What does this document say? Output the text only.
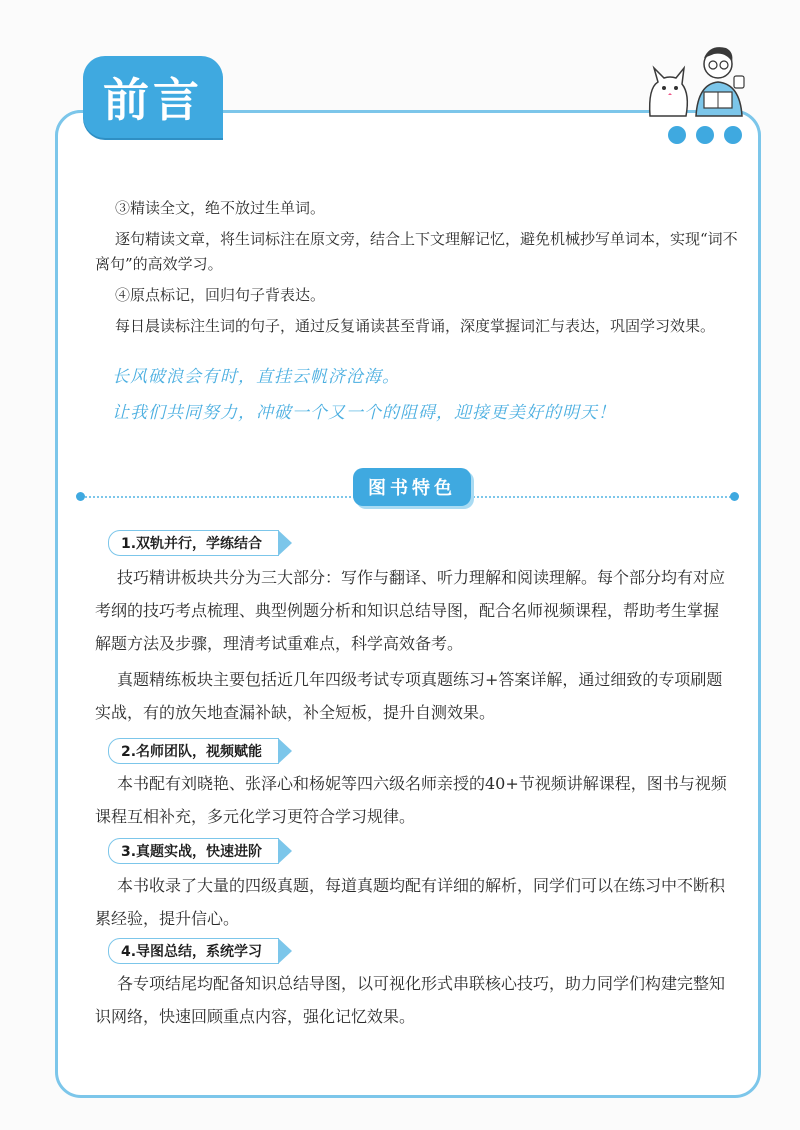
前言

③精读全文，绝不放过生单词。

逐句精读文章，将生词标注在原文旁，结合上下文理解记忆，避免机械抄写单词本，实现“词不离句”的高效学习。

④原点标记，回归句子背表达。

每日晨读标注生词的句子，通过反复诵读甚至背诵，深度掌握词汇与表达，巩固学习效果。

长风破浪会有时，直挂云帆济沧海。
让我们共同努力，冲破一个又一个的阻碍，迎接更美好的明天！
图书特色
1.双轨并行，学练结合

技巧精讲板块共分为三大部分：写作与翻译、听力理解和阅读理解。每个部分均有对应考纲的技巧考点梳理、典型例题分析和知识总结导图，配合名师视频课程，帮助考生掌握解题方法及步骤，理清考试重难点，科学高效备考。

真题精练板块主要包括近几年四级考试专项真题练习+答案详解，通过细致的专项刷题实战，有的放矢地查漏补缺，补全短板，提升自测效果。

2.名师团队，视频赋能

本书配有刘晓艳、张泽心和杨妮等四六级名师亲授的40+节视频讲解课程，图书与视频课程互相补充，多元化学习更符合学习规律。

3.真题实战，快速进阶

本书收录了大量的四级真题，每道真题均配有详细的解析，同学们可以在练习中不断积累经验，提升信心。

4.导图总结，系统学习

各专项结尾均配备知识总结导图，以可视化形式串联核心技巧，助力同学们构建完整知识网络，快速回顾重点内容，强化记忆效果。
